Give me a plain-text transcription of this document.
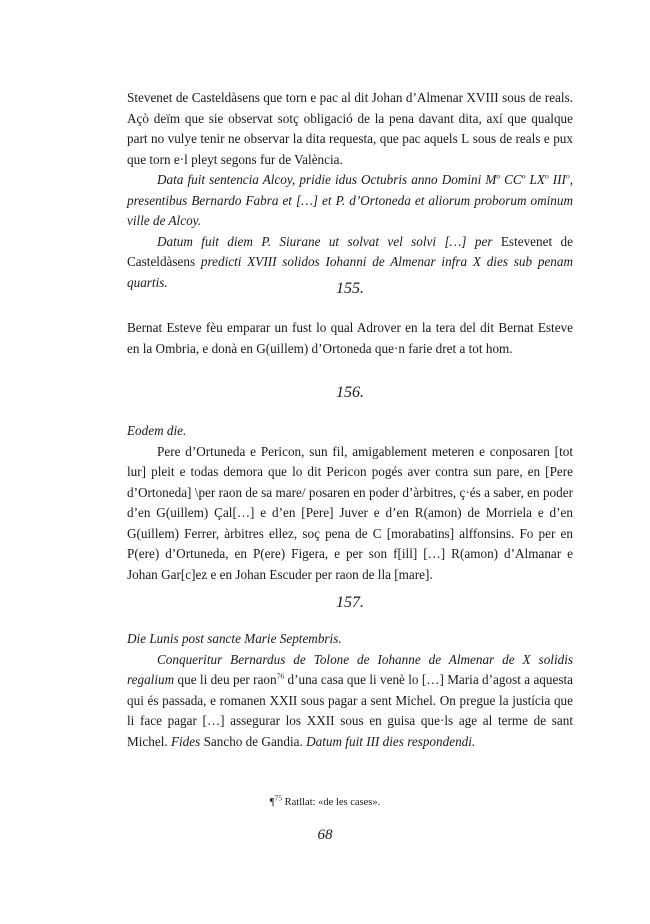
Stevenet de Casteldàsens que torn e pac al dit Johan d’Almenar XVIII sous de reals. Açò deïm que sie observat sotç obligació de la pena davant dita, axí que qualque part no vulye tenir ne observar la dita requesta, que pac aquels L sous de reals e pux que torn e·l pleyt segons fur de València.

Data fuit sentencia Alcoy, pridie idus Octubris anno Domini $M^o$ $CC^o$ $LX^o$ III$^o$, presentibus Bernardo Fabra et […] et P. d’Ortoneda et aliorum proborum ominum ville de Alcoy.

Datum fuit diem P. Siurane ut solvat vel solvi […] per Estevenet de Casteldàsens predicti XVIII solidos Iohanni de Almenar infra X dies sub penam quartis.	155.

Bernat Esteve fèu emparar un fust lo qual Adrover en la tera del dit Bernat Esteve en la Ombria, e donà en G(uillem) d’Ortoneda que·n farie dret a tot hom.

156.

Eodem die.

Pere d’Ortuneda e Pericon, sun fil, amigablement meteren e conposaren [tot lur] pleit e todas demora que lo dit Pericon pogés aver contra sun pare, en [Pere d’Ortoneda] \per raon de sa mare/ posaren en poder d’àrbitres, ç·és a saber, en poder d’en G(uillem) Çal[…] e d’en [Pere] Juver e d’en R(amon) de Morriela e d’en G(uillem) Ferrer, àrbitres ellez, soç pena de C [morabatins] alffonsins. Fo per en P(ere) d’Ortuneda, en P(ere) Figera, e per son f[ill] […] R(amon) d’Almanar e Johan Gar[c]ez e en Johan Escuder per raon de lla [mare].

157.

Die Lunis post sancte Marie Septembris.

Conqueritur Bernardus de Tolone de Iohanne de Almenar de X solidis regalium que li deu per raon$^{76}$ d’una casa que li venè lo […] Maria d’agost a aquesta qui és passada, e romanen XXII sous pagar a sent Michel. On pregue la justícia que li face pagar […] assegurar los XXII sous en guisa que·ls age al terme de sant Michel. Fides Sancho de Gandia. Datum fuit III dies respondendi.

¶$^{75}$ Ratllat: «de les cases».
68
